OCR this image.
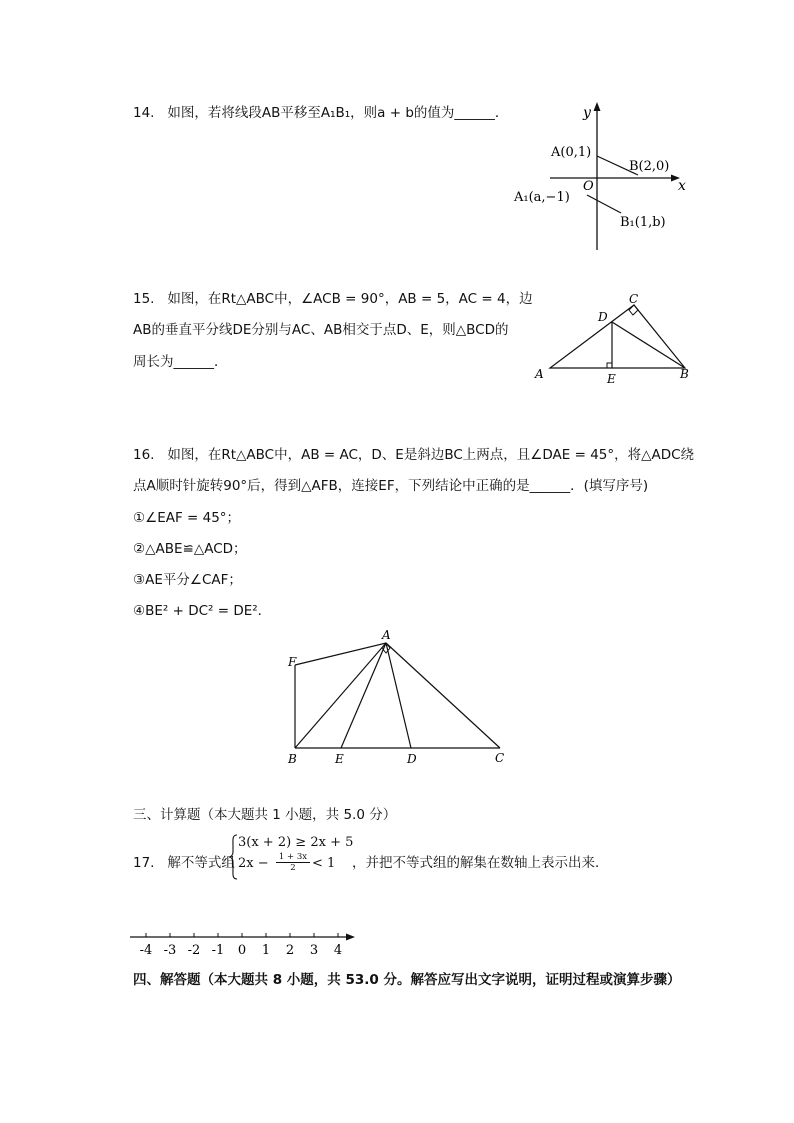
14.   如图，若将线段AB平移至A₁B₁，则a + b的值为______．	y
x
O
A(0,1)
B(2,0)
A₁(a,−1)
B₁(1,b)
15.   如图，在Rt△ABC中，∠ACB = 90°，AB = 5，AC = 4，边
AB的垂直平分线DE分别与AC、AB相交于点D、E，则△BCD的
周长为______．
A	B
C
D
E
16.   如图，在Rt△ABC中，AB = AC，D、E是斜边BC上两点，且∠DAE = 45°，将△ADC绕
点A顺时针旋转90°后，得到△AFB，连接EF，下列结论中正确的是______．(填写序号)
①∠EAF = 45°；
②△ABE≌△ACD；
③AE平分∠CAF；
④BE² + DC² = DE²．
A
F
B	E	D	C
三、计算题（本大题共 1 小题，共 5.0 分）
17.   解不等式组
3(x + 2) ≥ 2x + 5
$2x - \frac{1 + 3x}{2} < 1$ ，并把不等式组的解集在数轴上表示出来．
-4 -3 -2 -1 0 1 2 3 4
四、解答题（本大题共 8 小题，共 53.0 分。解答应写出文字说明，证明过程或演算步骤）
